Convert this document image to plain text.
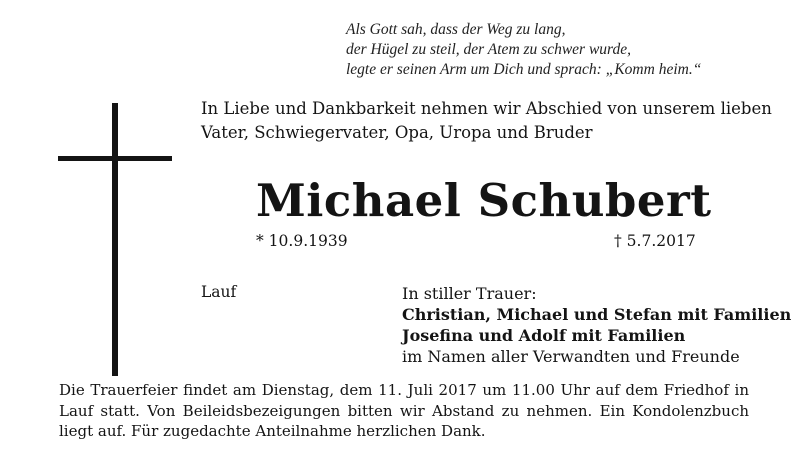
Als Gott sah, dass der Weg zu lang,
der Hügel zu steil, der Atem zu schwer wurde,
legte er seinen Arm um Dich und sprach: „Komm heim.“
In Liebe und Dankbarkeit nehmen wir Abschied von unserem lieben
Vater, Schwiegervater, Opa, Uropa und Bruder
Michael Schubert
* 10.9.1939	† 5.7.2017
Lauf	In stiller Trauer:
Christian, Michael und Stefan mit Familien
Josefina und Adolf mit Familien
im Namen aller Verwandten und Freunde
Die Trauerfeier findet am Dienstag, dem 11. Juli 2017 um 11.00 Uhr auf dem Friedhof in Lauf statt. Von Beileidsbezeigungen bitten wir Abstand zu nehmen. Ein Kondolenzbuch liegt auf. Für zugedachte Anteilnahme herzlichen Dank.
